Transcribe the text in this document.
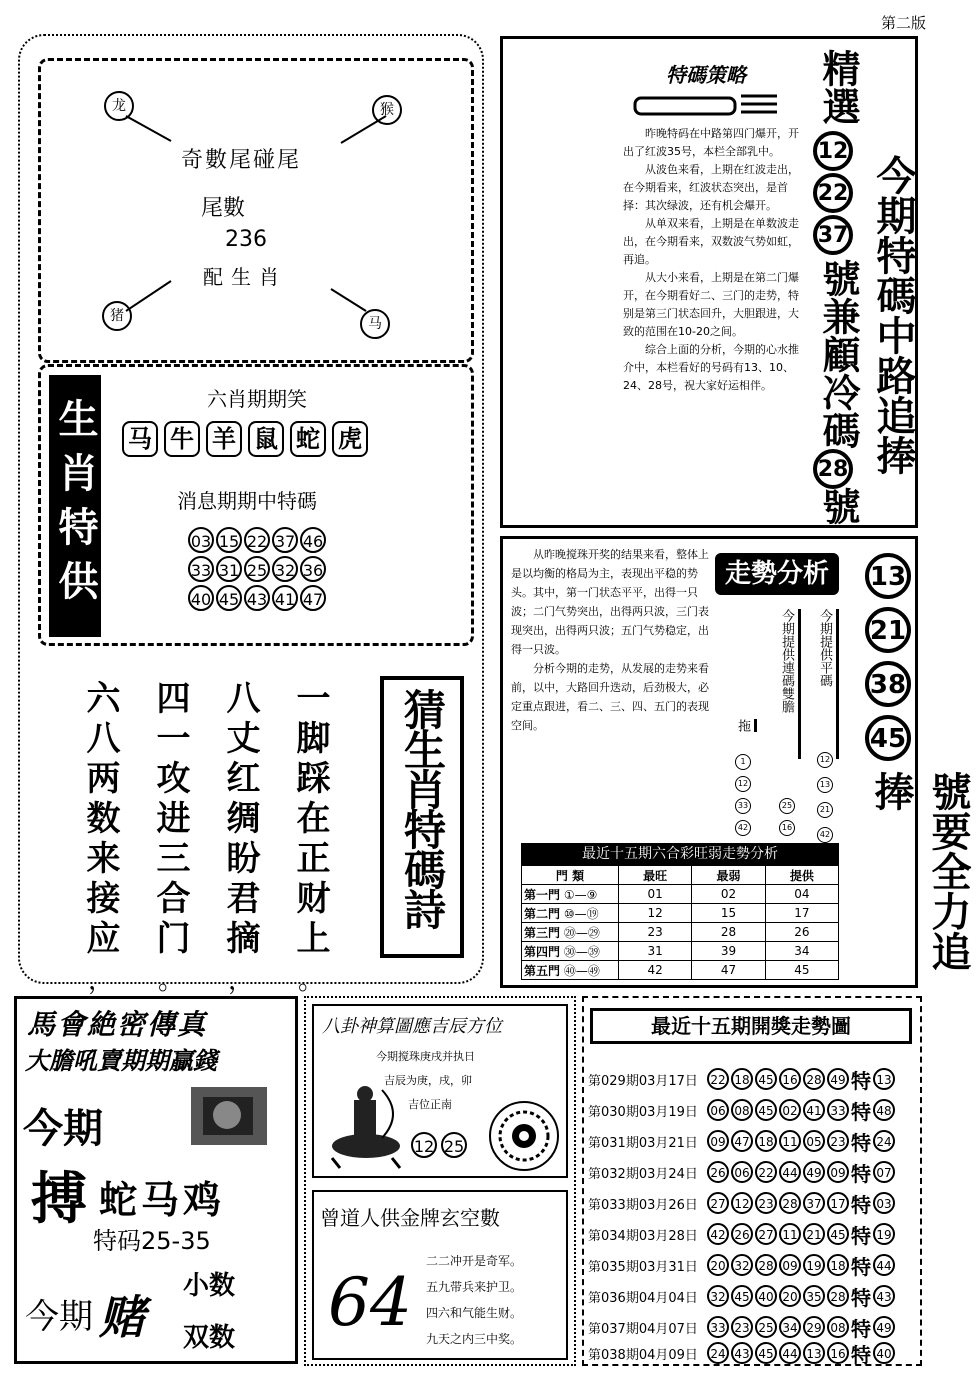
第二版
龙	猴
猪	马
奇數尾碰尾
尾數
236
配生肖
生肖特供	六肖期期笑
马 牛 羊 鼠 蛇 虎
消息期期中特碼
03 15 22 37 46
33 31 25 32 36
40 45 43 41 47
一脚踩在正财上
。
八丈红绸盼君摘
，
四一攻进三合门
。
六八两数来接应
，
猜生肖特碼詩
特碼策略

昨晚特码在中路第四门爆开，开出了红波35号，本栏全部乳中。

从波色来看，上期在红波走出，在今期看来，红波状态突出，是首择：其次绿波，还有机会爆开。

从单双来看，上期是在单数波走出，在今期看来，双数波气势如虹，再追。

从大小来看，上期是在第二门爆开，在今期看好二、三门的走势，特别是第三门状态回升，大胆跟进，大致的范围在10-20之间。

综合上面的分析，今期的心水推介中，本栏看好的号码有13、10、24、28号，祝大家好运相伴。

精選
12
22
37
號兼顧冷碼
28
號
今期特碼中路追捧

从昨晚搅珠开奖的结果来看，整体上是以均衡的格局为主，表现出平稳的势头。其中，第一门状态平平，出得一只波；二门气势突出，出得两只波，三门表现突出，出得两只波；五门气势稳定，出得一只波。

分析今期的走势，从发展的走势来看前，以中，大路回升迭动，后劲极大，必定重点跟进，看二、三、四、五门的表现空间。

走勢分析
今期提供平碼
今期提供連碼雙膽
拖
12 13 21 42
25 16
1 12 33 42
13
21
38
45
號要全力追捧
最近十五期六合彩旺弱走勢分析
門 類	最旺	最弱	提供
第一門 ①—⑨	01	02	04
第二門 ⑩—⑲	12	15	17
第三門 ⑳—㉙	23	28	26
第四門 ㉚—㊴	31	39	34
第五門 ㊵—㊾	42	47	45
馬會絶密傳真
大膽吼賣期期贏錢
今期
搏 蛇马鸡
特码25-35
今期 赌
小数
双数
八卦神算圖應吉辰方位
今期搅珠庚戌并执日
吉辰为庚，戌，卯
吉位正南
12 25
曾道人供金牌玄空數
64
二二冲开是奇军。
五九带兵来护卫。
四六和气能生财。
九天之内三中奖。
最近十五期開獎走勢圖
第029期03月17日	22 18 45 16 28 49 特 13
第030期03月19日	06 08 45 02 41 33 特 48
第031期03月21日	09 47 18 11 05 23 特 24
第032期03月24日	26 06 22 44 49 09 特 07
第033期03月26日	27 12 23 28 37 17 特 03
第034期03月28日	42 26 27 11 21 45 特 19
第035期03月31日	20 32 28 09 19 18 特 44
第036期04月04日	32 45 40 20 35 28 特 43
第037期04月07日	33 23 25 34 29 08 特 49
第038期04月09日	24 43 45 44 13 16 特 40
